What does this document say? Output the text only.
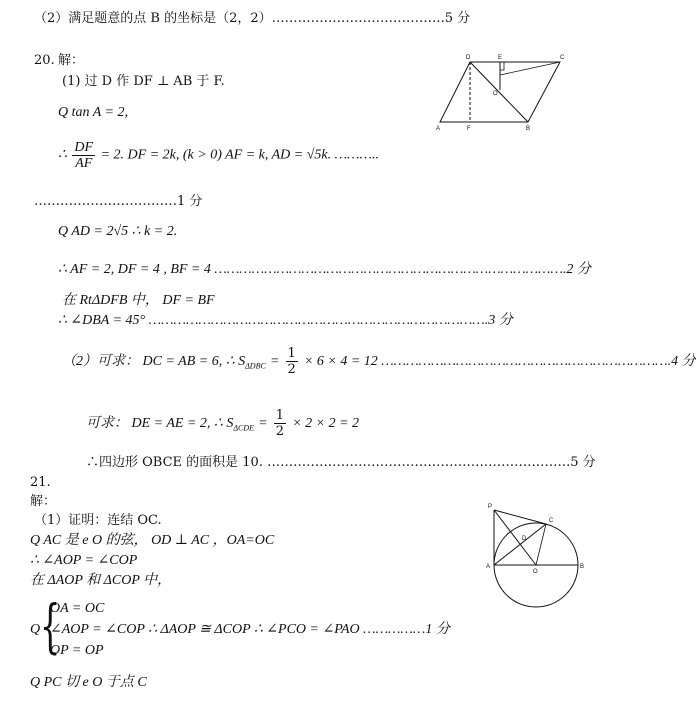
（2）满足题意的点 B 的坐标是（2，2）………………………………….5 分
20. 解：
(1) 过 D 作 DF ⊥ AB 于 F.
Q tan A = 2,
∴ $\frac{DF}{AF} = 2$. DF = 2k, (k > 0) AF = k, AD = √5k. ………..
……………………………1 分
Q AD = 2√5 ∴ k = 2.
∴ AF = 2, DF = 4 , BF = 4 ………………………………………………………………………….2 分
在 RtΔDFB 中， DF = BF
∴ ∠DBA = 45° ……………………………………………………………………….3 分
（2）可求： DC = AB = 6, ∴ $S_{\Delta DBC} = \frac{1}{2} \times 6 \times 4 = 12$ …………………………………………………………….4 分
可求： DE = AE = 2, ∴ $S_{\Delta CDE} = \frac{1}{2} \times 2 \times 2 = 2$
∴四边形 OBCE 的面积是 10. …………………………………………………………….5 分
21.
解：
（1）证明：连结 OC.
Q AC 是 e O 的弦， OD ⊥ AC ，OA=OC
∴ ∠AOP = ∠COP
在 ΔAOP 和 ΔCOP 中，
Q {
OA = OC
∠AOP = ∠COP ∴ ΔAOP ≅ ΔCOP ∴ ∠PCO = ∠PAO ……………1 分
OP = OP
Q PC 切 e O 于点 C
D	E	C
O
A	F	B
P
C
D
A
O
B
